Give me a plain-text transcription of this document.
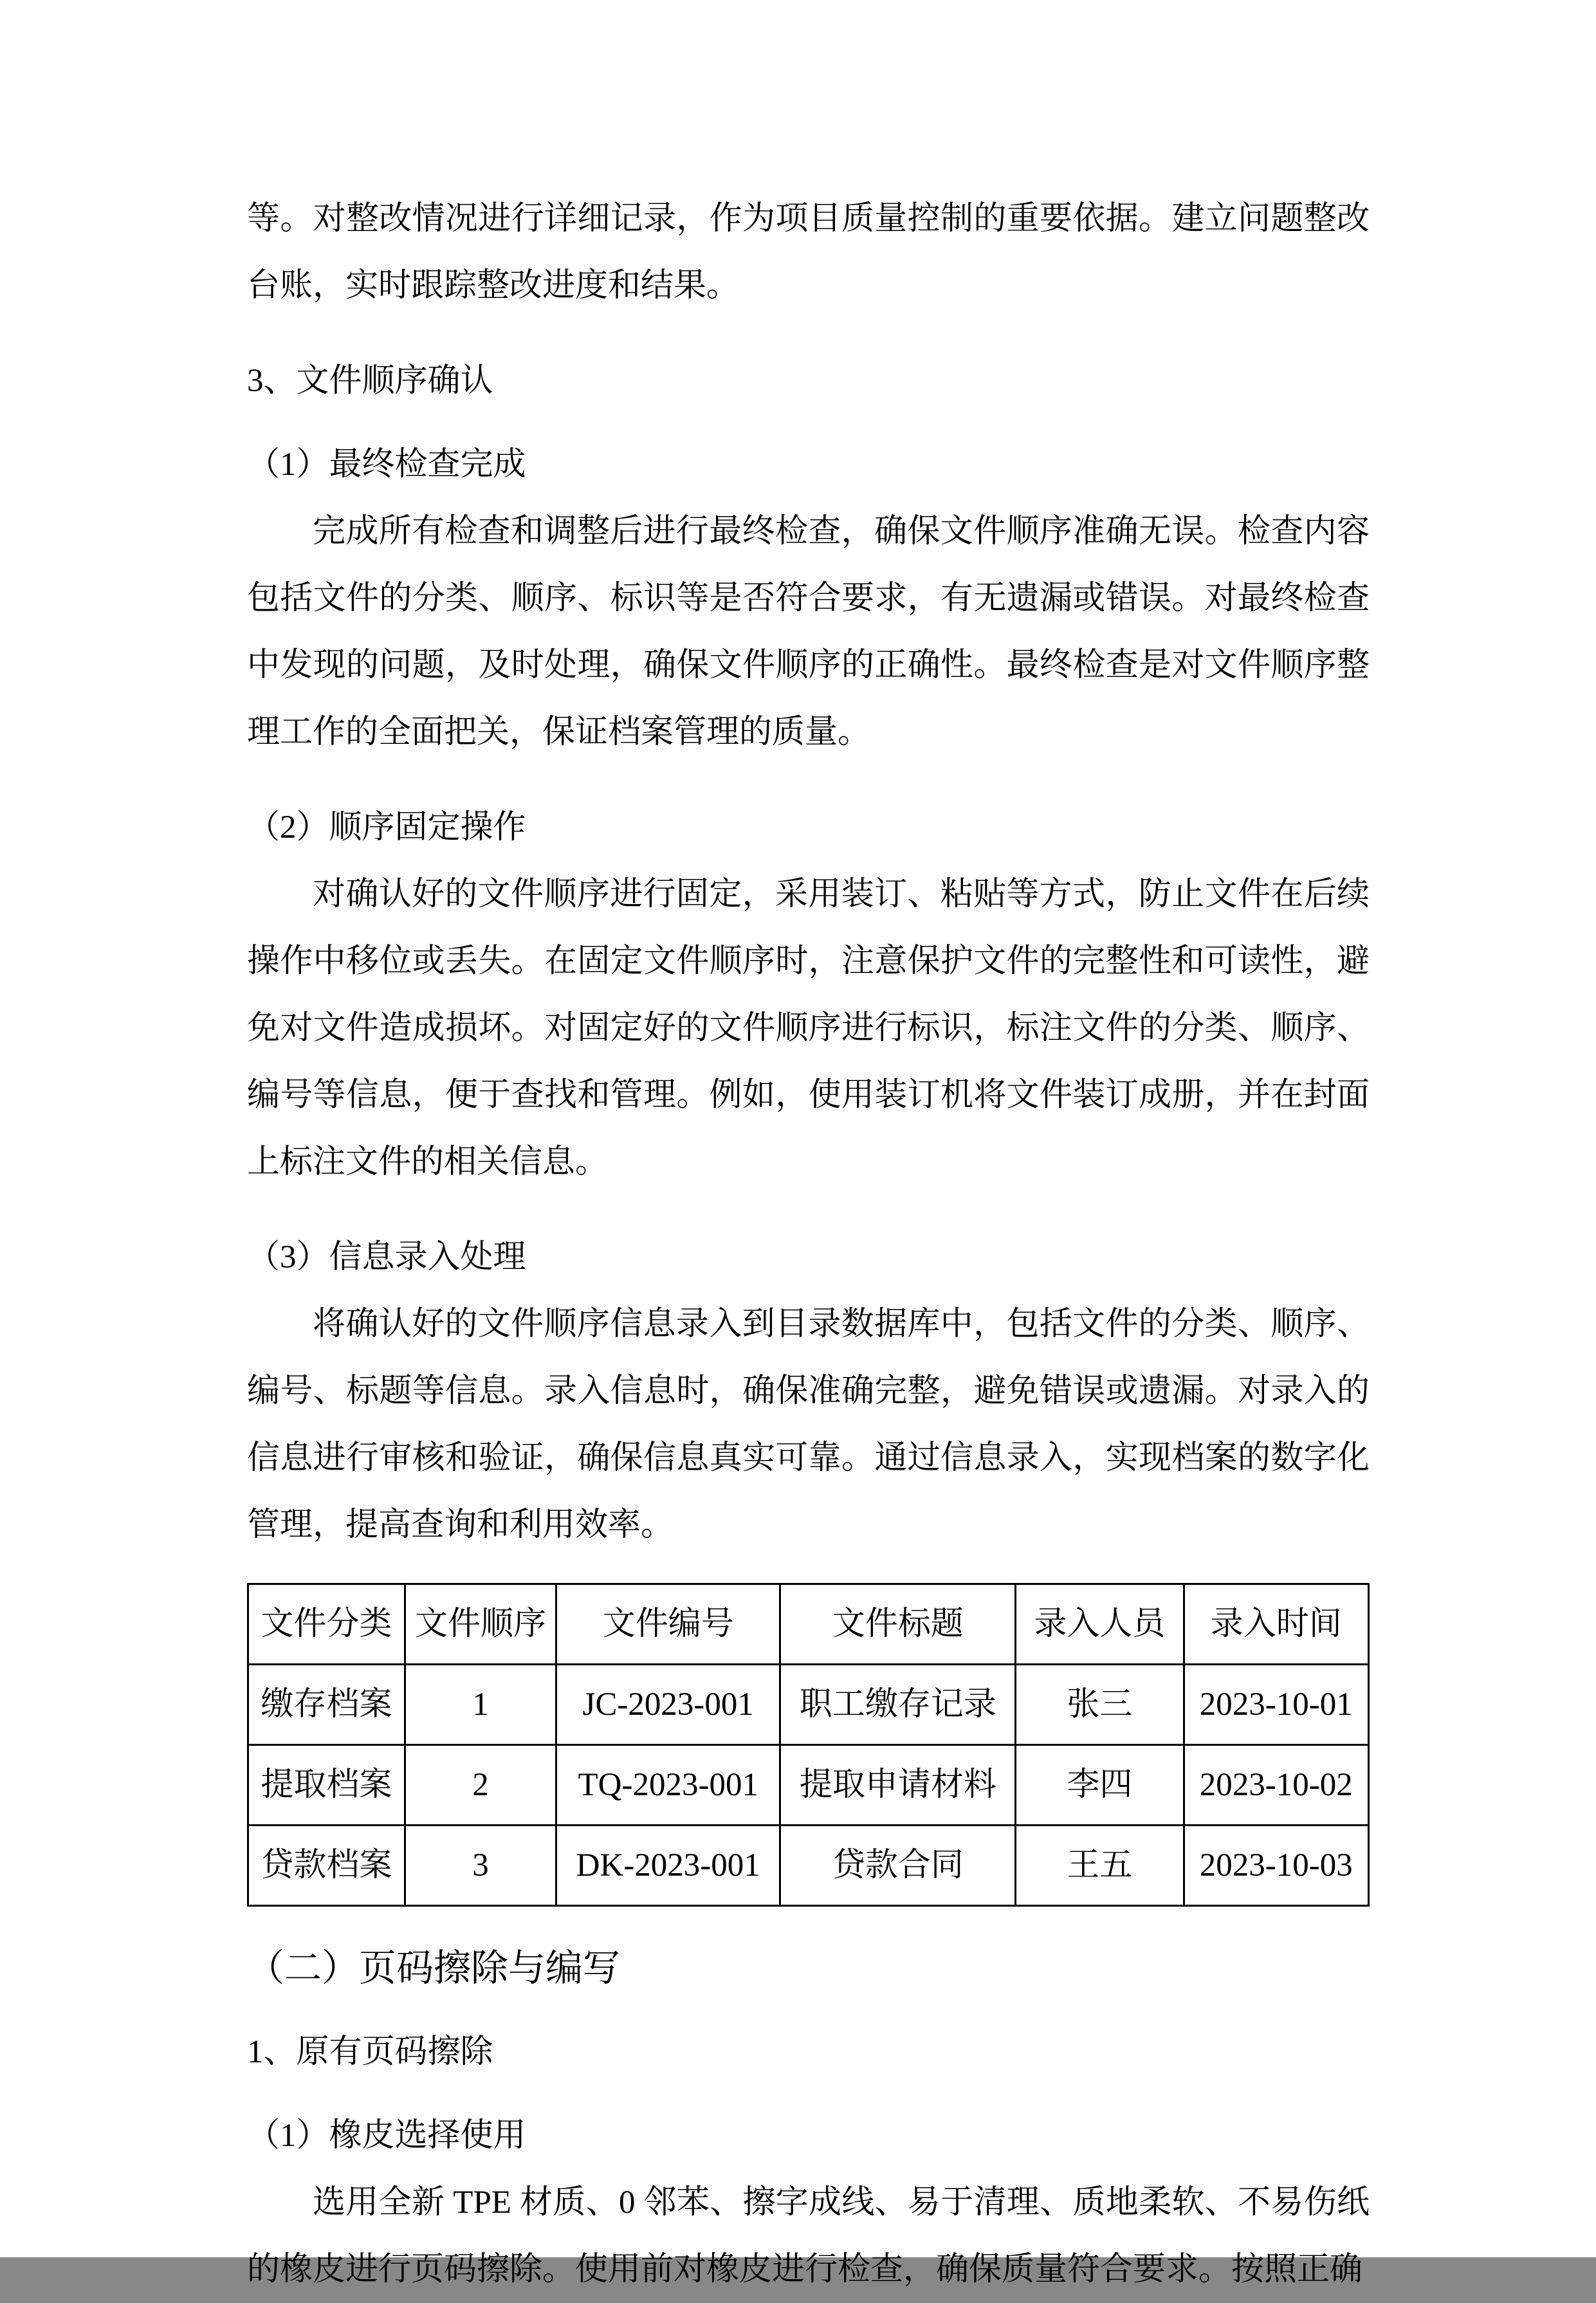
等。对整改情况进行详细记录，作为项目质量控制的重要依据。建立问题整改台账，实时跟踪整改进度和结果。

3、文件顺序确认

（1）最终检查完成

完成所有检查和调整后进行最终检查，确保文件顺序准确无误。检查内容包括文件的分类、顺序、标识等是否符合要求，有无遗漏或错误。对最终检查中发现的问题，及时处理，确保文件顺序的正确性。最终检查是对文件顺序整理工作的全面把关，保证档案管理的质量。

（2）顺序固定操作

对确认好的文件顺序进行固定，采用装订、粘贴等方式，防止文件在后续操作中移位或丢失。在固定文件顺序时，注意保护文件的完整性和可读性，避免对文件造成损坏。对固定好的文件顺序进行标识，标注文件的分类、顺序、编号等信息，便于查找和管理。例如，使用装订机将文件装订成册，并在封面上标注文件的相关信息。

（3）信息录入处理

将确认好的文件顺序信息录入到目录数据库中，包括文件的分类、顺序、编号、标题等信息。录入信息时，确保准确完整，避免错误或遗漏。对录入的信息进行审核和验证，确保信息真实可靠。通过信息录入，实现档案的数字化管理，提高查询和利用效率。

文件分类	文件顺序	文件编号	文件标题	录入人员	录入时间
缴存档案	1	JC-2023-001	职工缴存记录	张三	2023-10-01
提取档案	2	TQ-2023-001	提取申请材料	李四	2023-10-02
贷款档案	3	DK-2023-001	贷款合同	王五	2023-10-03

（二）页码擦除与编写

1、原有页码擦除

（1）橡皮选择使用

选用全新 TPE 材质、0 邻苯、擦字成线、易于清理、质地柔软、不易伤纸的橡皮进行页码擦除。使用前对橡皮进行检查，确保质量符合要求。按照正确
